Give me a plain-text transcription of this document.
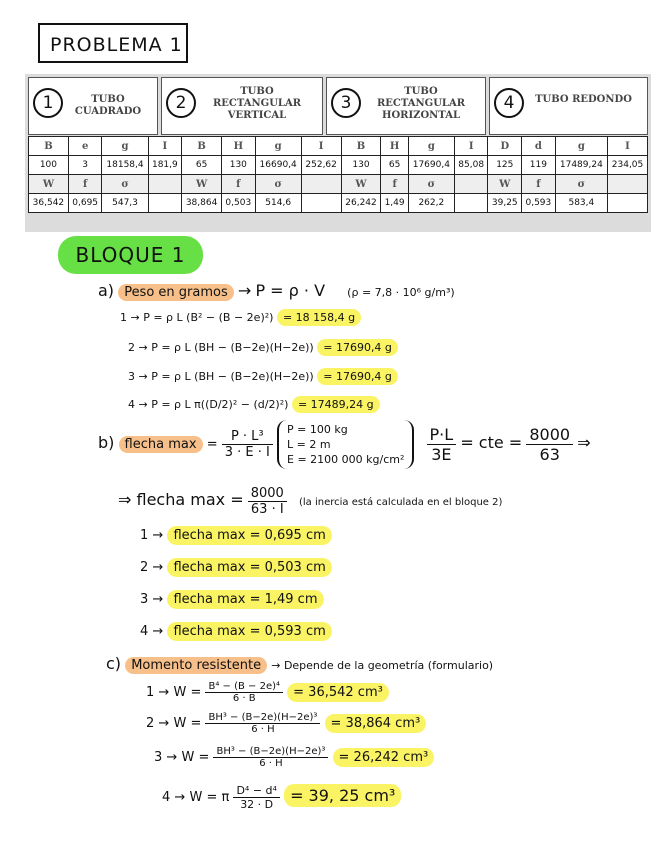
PROBLEMA 1
1	TUBO CUADRADO	2
TUBO RECTANGULAR VERTICAL
3
TUBO RECTANGULAR HORIZONTAL
4	TUBO REDONDO
B	e	g	I	B	H	g	I	B	H	g	I	D	d	g	I
100	3	18158,4	181,9	65	130	16690,4	252,62	130	65	17690,4	85,08	125	119	17489,24	234,05
W	f	σ		W	f	σ		W	f	σ		W	f	σ	
36,542	0,695	547,3		38,864	0,503	514,6		26,242	1,49	262,2		39,25	0,593	583,4	
BLOQUE 1
a) Peso en gramos → P = ρ · V (ρ = 7,8 · 10⁶ g/m³)
1 → P = ρ L (B² − (B − 2e)²) = 18 158,4 g
2 → P = ρ L (BH − (B−2e)(H−2e)) = 17690,4 g
3 → P = ρ L (BH − (B−2e)(H−2e)) = 17690,4 g
4 → P = ρ L π((D/2)² − (d/2)²) = 17489,24 g
b) flecha $\max = \frac{\text{P · L³}}{3 \cdot E \cdot I}$
P = 100 kg
L = 2 m
E = 2100 000 kg/cm²
$\frac{P\cdot L}{3E}$ = cte = $\frac{8000}{63}$ ⇒
⇒ flecha $\max = \frac{8000}{63 \cdot I} (la$ inercia está calculada en el bloque 2)
1 → flecha max = 0,695 cm
2 → flecha max = 0,503 cm
3 → flecha max = 1,49 cm
4 → flecha max = 0,593 cm
c) Momento resistente → Depende de la geometría (formulario)
$1 \to W = \frac{\text{B⁴ − (B − 2e)⁴}}{6 \cdot B} = 36,542$ cm³
$2 \to W = \frac{\text{BH³ − (B−2e)(H−2e)³}}{6 \cdot H} = 38,864$ cm³
$3 \to W = \frac{\text{BH³ − (B−2e)(H−2e)³}}{6 \cdot H} = 26,242$ cm³
4 → W = π $\frac{\text{D⁴ − d⁴}}{32 \cdot D} = 39$, 25 cm³
